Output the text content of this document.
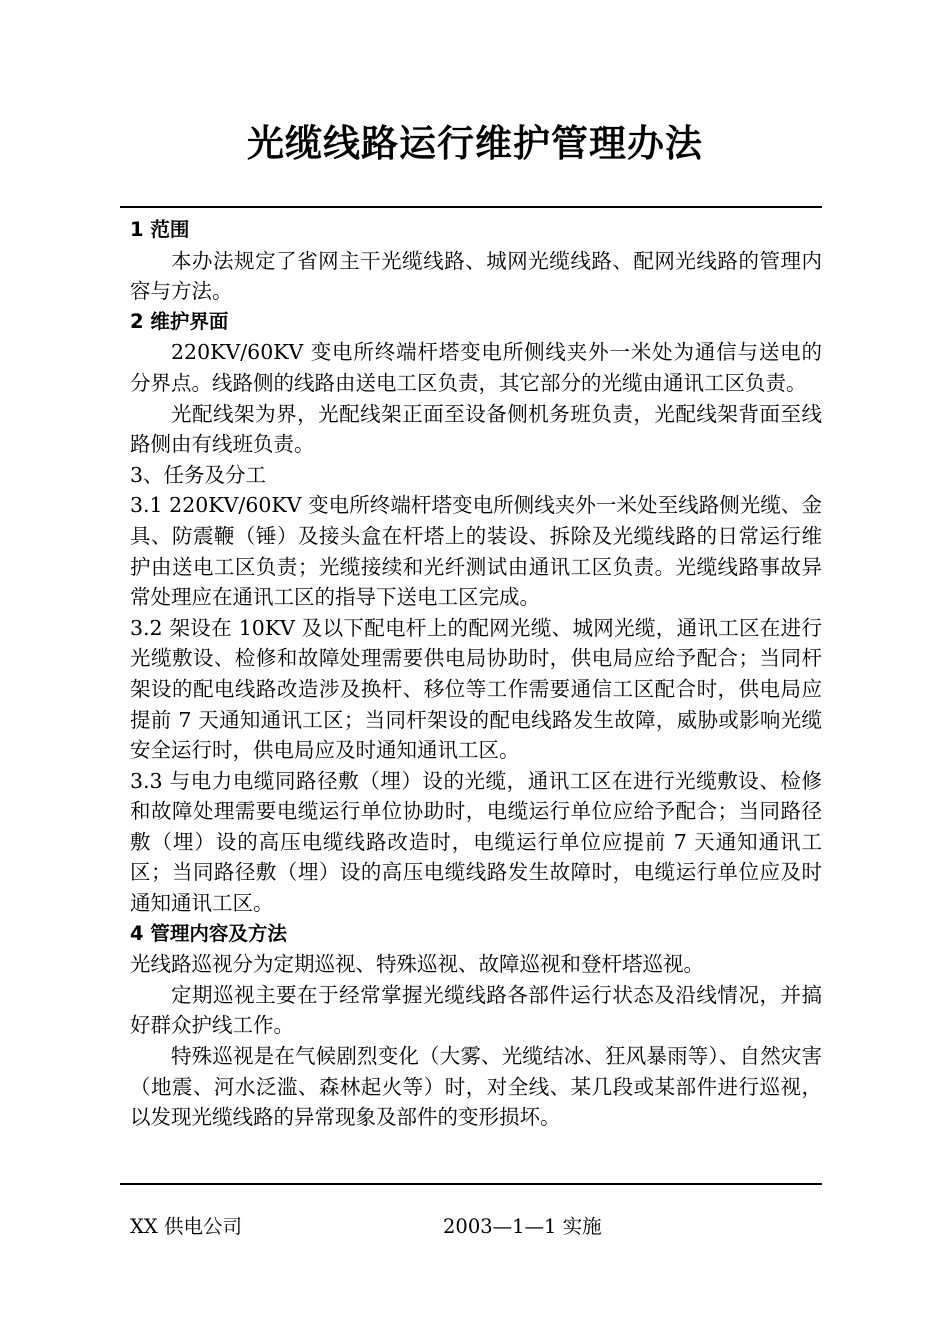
光缆线路运行维护管理办法

1 范围

本办法规定了省网主干光缆线路、城网光缆线路、配网光线路的管理内容与方法。

2 维护界面

220KV/60KV 变电所终端杆塔变电所侧线夹外一米处为通信与送电的分界点。线路侧的线路由送电工区负责，其它部分的光缆由通讯工区负责。

光配线架为界，光配线架正面至设备侧机务班负责，光配线架背面至线路侧由有线班负责。

3、任务及分工

3.1 220KV/60KV 变电所终端杆塔变电所侧线夹外一米处至线路侧光缆、金具、防震鞭（锤）及接头盒在杆塔上的装设、拆除及光缆线路的日常运行维护由送电工区负责；光缆接续和光纤测试由通讯工区负责。光缆线路事故异常处理应在通讯工区的指导下送电工区完成。

3.2 架设在 10KV 及以下配电杆上的配网光缆、城网光缆，通讯工区在进行光缆敷设、检修和故障处理需要供电局协助时，供电局应给予配合；当同杆架设的配电线路改造涉及换杆、移位等工作需要通信工区配合时，供电局应提前 7 天通知通讯工区；当同杆架设的配电线路发生故障，威胁或影响光缆安全运行时，供电局应及时通知通讯工区。

3.3 与电力电缆同路径敷（埋）设的光缆，通讯工区在进行光缆敷设、检修和故障处理需要电缆运行单位协助时，电缆运行单位应给予配合；当同路径敷（埋）设的高压电缆线路改造时，电缆运行单位应提前 7 天通知通讯工区；当同路径敷（埋）设的高压电缆线路发生故障时，电缆运行单位应及时通知通讯工区。

4 管理内容及方法

光线路巡视分为定期巡视、特殊巡视、故障巡视和登杆塔巡视。

定期巡视主要在于经常掌握光缆线路各部件运行状态及沿线情况，并搞好群众护线工作。

特殊巡视是在气候剧烈变化（大雾、光缆结冰、狂风暴雨等）、自然灾害（地震、河水泛滥、森林起火等）时，对全线、某几段或某部件进行巡视，以发现光缆线路的异常现象及部件的变形损坏。

XX 供电公司	2003—1—1 实施
